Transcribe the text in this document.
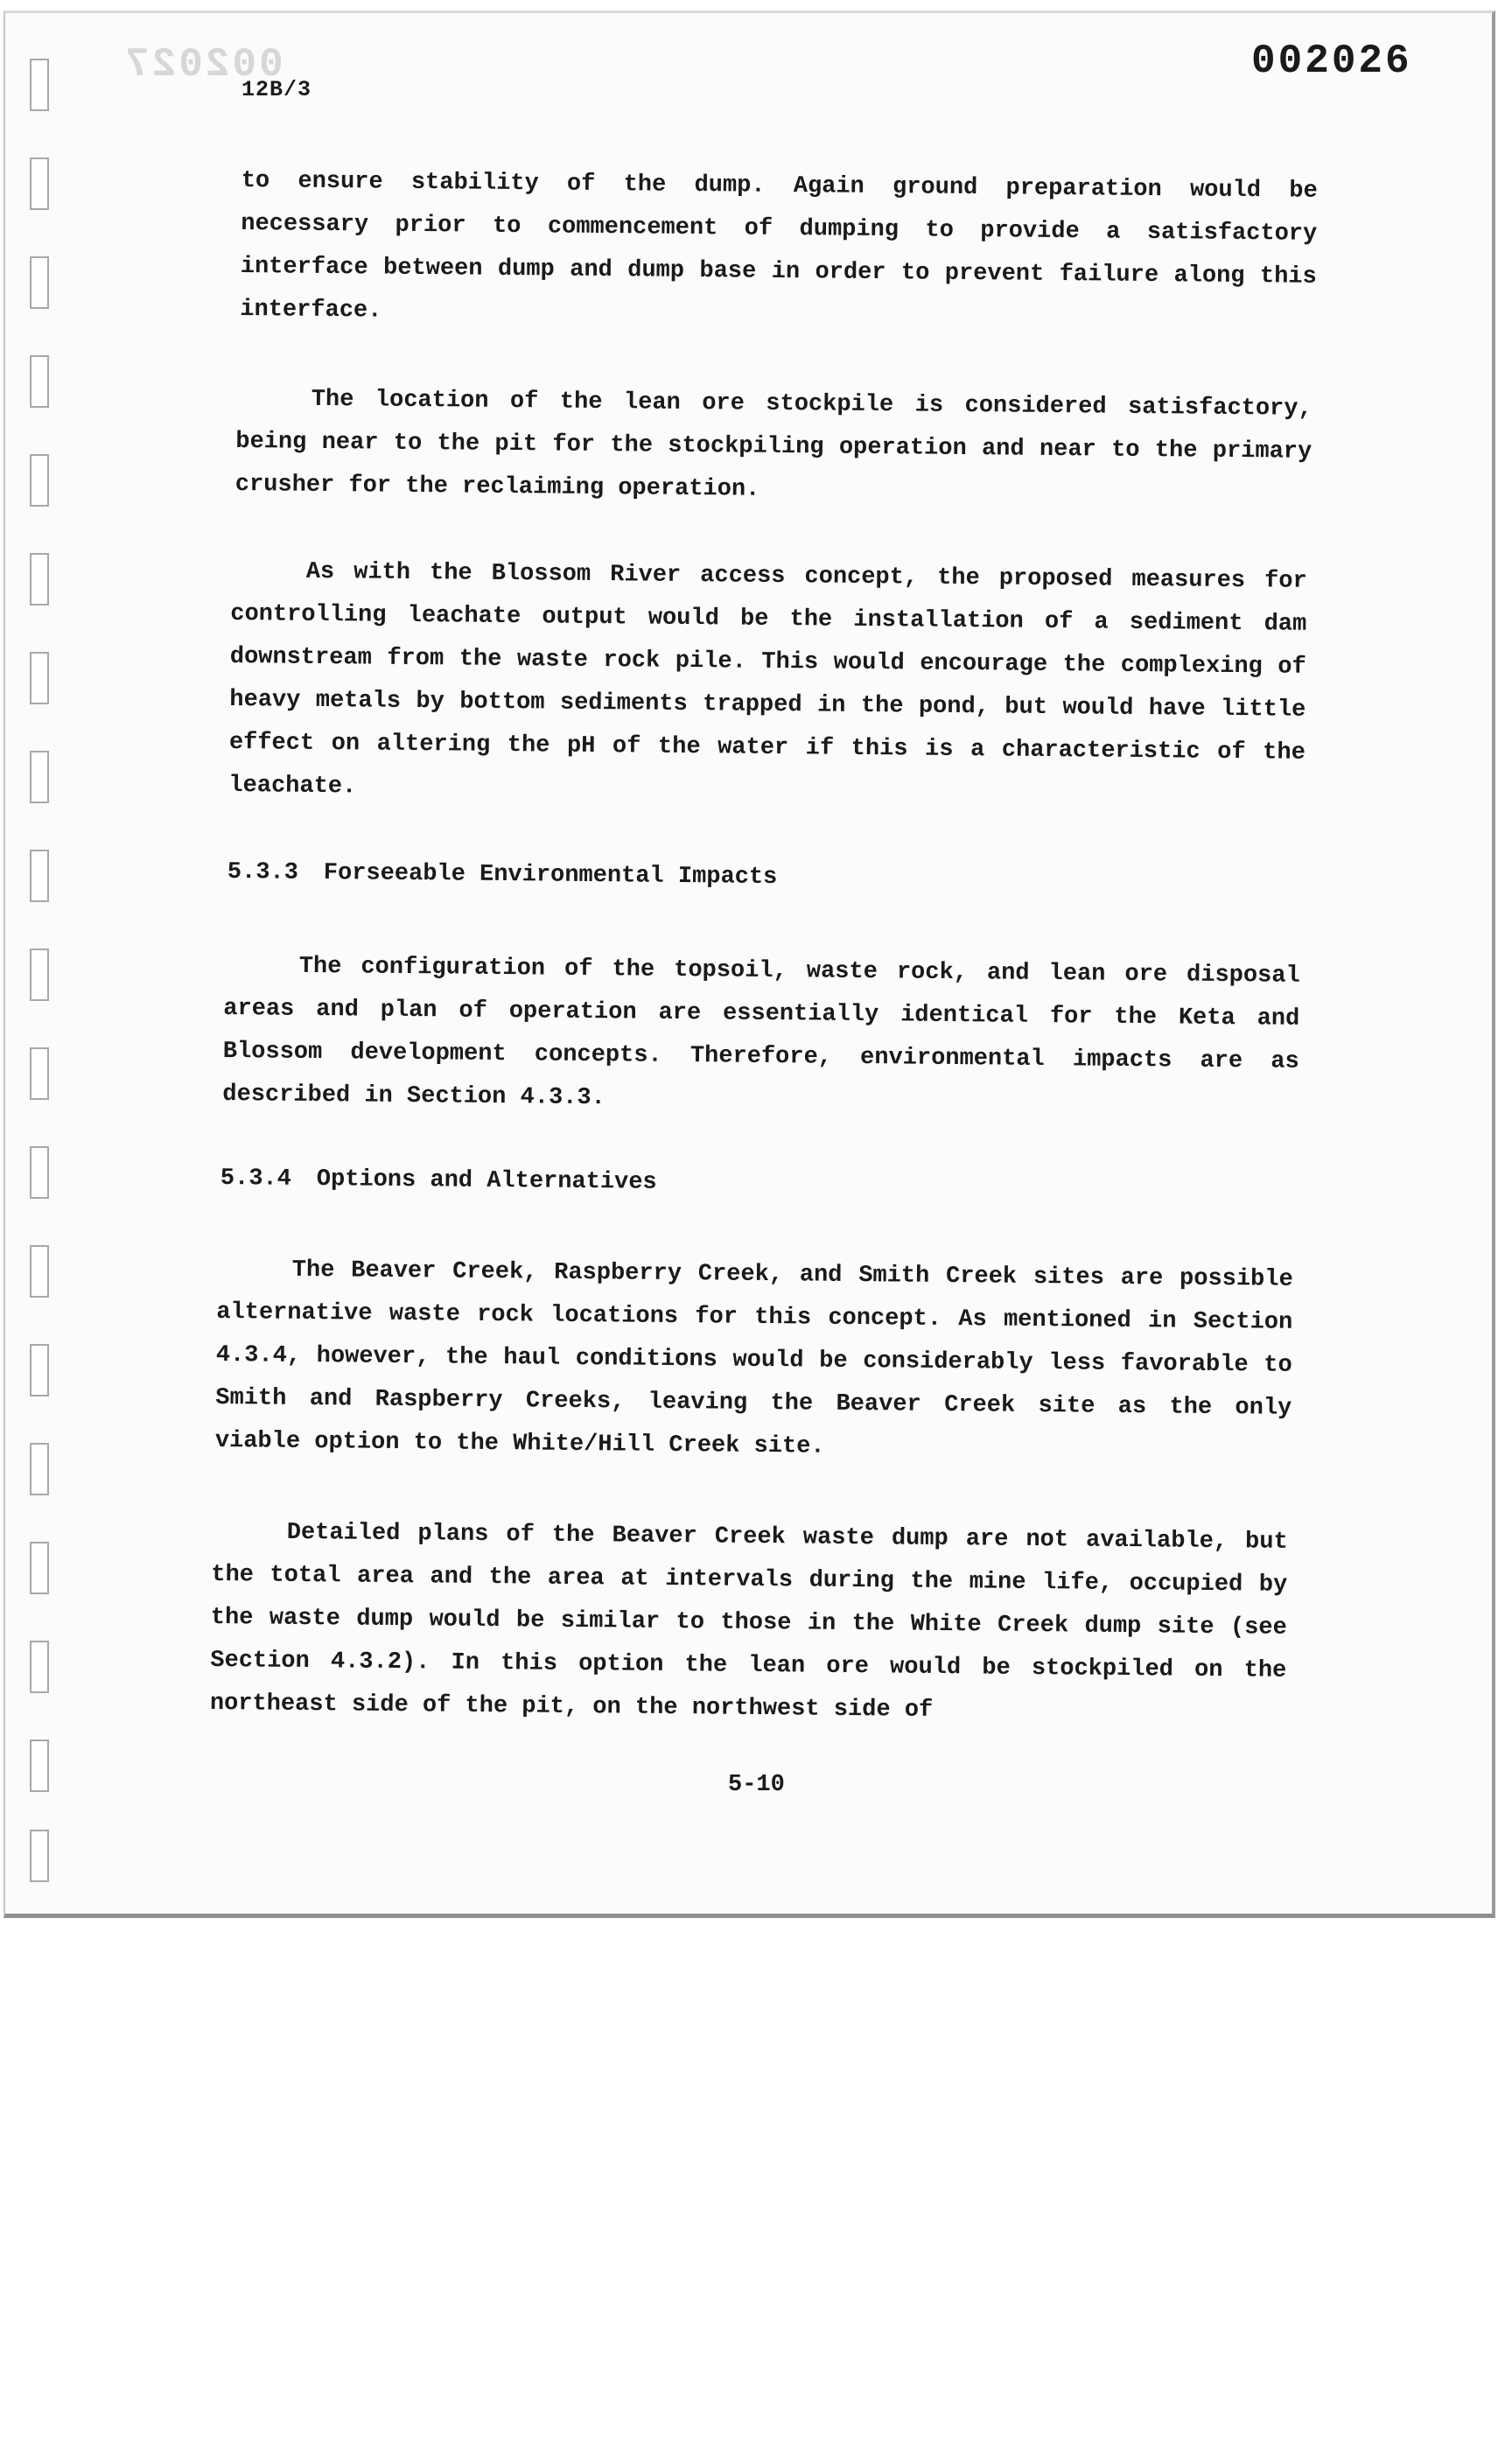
002027
12B/3
002026

to ensure stability of the dump. Again ground preparation would be necessary prior to commencement of dumping to provide a satisfactory interface between dump and dump base in order to prevent failure along this interface.

The location of the lean ore stockpile is considered satisfactory, being near to the pit for the stockpiling operation and near to the primary crusher for the reclaiming operation.

As with the Blossom River access concept, the proposed measures for controlling leachate output would be the installation of a sediment dam downstream from the waste rock pile. This would encourage the complexing of heavy metals by bottom sediments trapped in the pond, but would have little effect on altering the pH of the water if this is a characteristic of the leachate.

5.3.3 Forseeable Environmental Impacts

The configuration of the topsoil, waste rock, and lean ore disposal areas and plan of operation are essentially identical for the Keta and Blossom development concepts. Therefore, environmental impacts are as described in Section 4.3.3.

5.3.4 Options and Alternatives

The Beaver Creek, Raspberry Creek, and Smith Creek sites are possible alternative waste rock locations for this concept. As mentioned in Section 4.3.4, however, the haul conditions would be considerably less favorable to Smith and Raspberry Creeks, leaving the Beaver Creek site as the only viable option to the White/Hill Creek site.

Detailed plans of the Beaver Creek waste dump are not available, but the total area and the area at intervals during the mine life, occupied by the waste dump would be similar to those in the White Creek dump site (see Section 4.3.2). In this option the lean ore would be stockpiled on the northeast side of the pit, on the northwest side of

5-10
